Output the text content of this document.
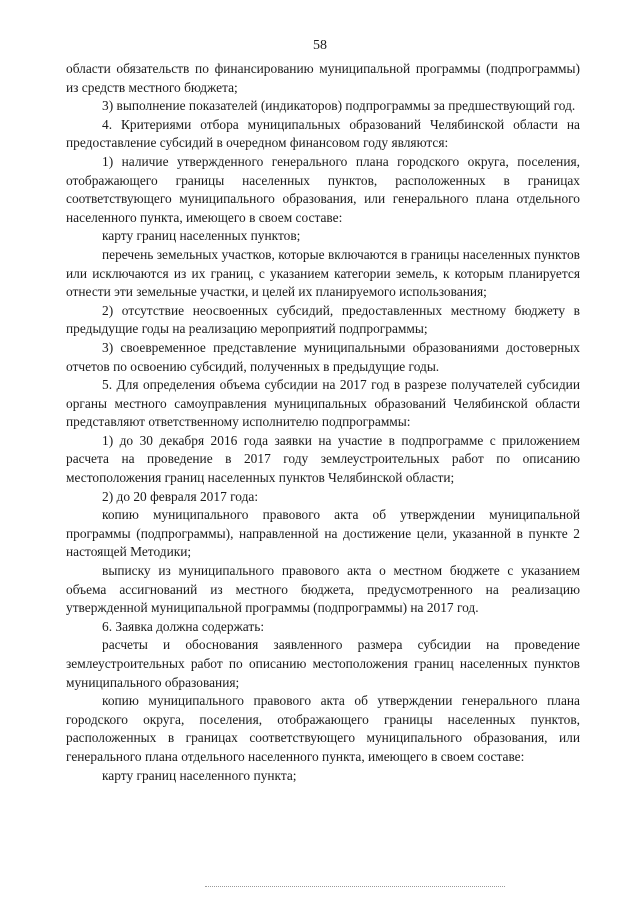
58

области обязательств по финансированию муниципальной программы (подпрограммы) из средств местного бюджета;

3) выполнение показателей (индикаторов) подпрограммы за предшествующий год.

4. Критериями отбора муниципальных образований Челябинской области на предоставление субсидий в очередном финансовом году являются:

1) наличие утвержденного генерального плана городского округа, поселения, отображающего границы населенных пунктов, расположенных в границах соответствующего муниципального образования, или генерального плана отдельного населенного пункта, имеющего в своем составе:

карту границ населенных пунктов;

перечень земельных участков, которые включаются в границы населенных пунктов или исключаются из их границ, с указанием категории земель, к которым планируется отнести эти земельные участки, и целей их планируемого использования;

2) отсутствие неосвоенных субсидий, предоставленных местному бюджету в предыдущие годы на реализацию мероприятий подпрограммы;

3) своевременное представление муниципальными образованиями достоверных отчетов по освоению субсидий, полученных в предыдущие годы.

5. Для определения объема субсидии на 2017 год в разрезе получателей субсидии органы местного самоуправления муниципальных образований Челябинской области представляют ответственному исполнителю подпрограммы:

1) до 30 декабря 2016 года заявки на участие в подпрограмме с приложением расчета на проведение в 2017 году землеустроительных работ по описанию местоположения границ населенных пунктов Челябинской области;

2) до 20 февраля 2017 года:

копию муниципального правового акта об утверждении муниципальной программы (подпрограммы), направленной на достижение цели, указанной в пункте 2 настоящей Методики;

выписку из муниципального правового акта о местном бюджете с указанием объема ассигнований из местного бюджета, предусмотренного на реализацию утвержденной муниципальной программы (подпрограммы) на 2017 год.

6. Заявка должна содержать:

расчеты и обоснования заявленного размера субсидии на проведение землеустроительных работ по описанию местоположения границ населенных пунктов муниципального образования;

копию муниципального правового акта об утверждении генерального плана городского округа, поселения, отображающего границы населенных пунктов, расположенных в границах соответствующего муниципального образования, или генерального плана отдельного населенного пункта, имеющего в своем составе:

карту границ населенного пункта;
